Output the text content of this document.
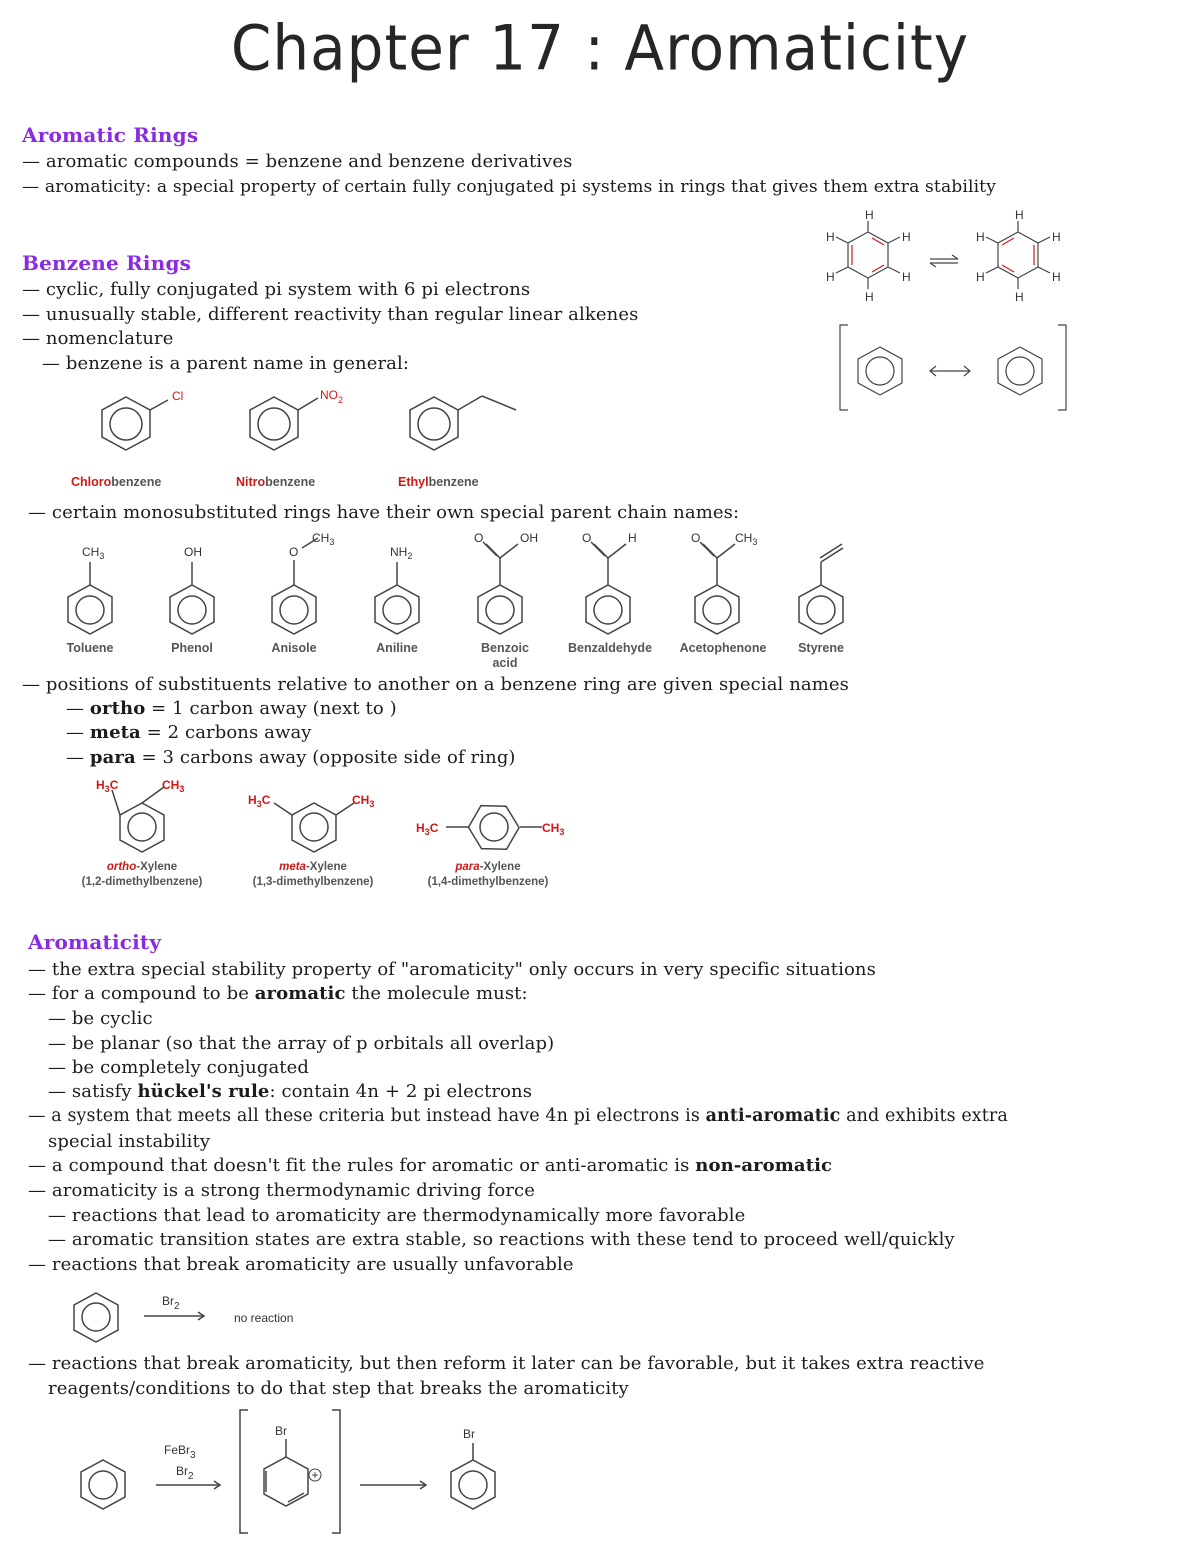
Chapter 17 : Aromaticity
Aromatic Rings
— aromatic compounds = benzene and benzene derivatives
— aromaticity: a special property of certain fully conjugated pi systems in rings that gives them extra stability
Benzene Rings
— cyclic, fully conjugated pi system with 6 pi electrons
— unusually stable, different reactivity than regular linear alkenes
— nomenclature
— benzene is a parent name in general:
H	H
H	H
H
H
H
H
H
H
H
H
Cl	$NO_2$
Chlorobenzene	Nitrobenzene	Ethylbenzene
— certain monosubstituted rings have their own special parent chain names:
$CH_3$	OH	O
$CH_3$
$NH_2$
O	OH	O	H	O	$CH_3$
Toluene	Phenol	Anisole	Aniline	Benzoic
acid
Benzaldehyde Acetophenone	Styrene
— positions of substituents relative to another on a benzene ring are given special names
— ortho = 1 carbon away (next to )
— meta = 2 carbons away
— para = 3 carbons away (opposite side of ring)
$H_3C$	$CH_3$
$H_3C$	$CH_3$
$H_3C$	$CH_3$
ortho-Xylene
(1,2-dimethylbenzene)
meta-Xylene
(1,3-dimethylbenzene)
para-Xylene
(1,4-dimethylbenzene)
Aromaticity
— the extra special stability property of "aromaticity" only occurs in very specific situations
— for a compound to be aromatic the molecule must:
— be cyclic
— be planar (so that the array of p orbitals all overlap)
— be completely conjugated
— satisfy hückel's rule: contain 4n + 2 pi electrons
— a system that meets all these criteria but instead have 4n pi electrons is anti-aromatic and exhibits extra
special instability
— a compound that doesn't fit the rules for aromatic or anti-aromatic is non-aromatic
— aromaticity is a strong thermodynamic driving force
— reactions that lead to aromaticity are thermodynamically more favorable
— aromatic transition states are extra stable, so reactions with these tend to proceed well/quickly
— reactions that break aromaticity are usually unfavorable
$Br_2$
no reaction
— reactions that break aromaticity, but then reform it later can be favorable, but it takes extra reactive
reagents/conditions to do that step that breaks the aromaticity
FeBr$_3$
$Br_2$
Br
+
Br
